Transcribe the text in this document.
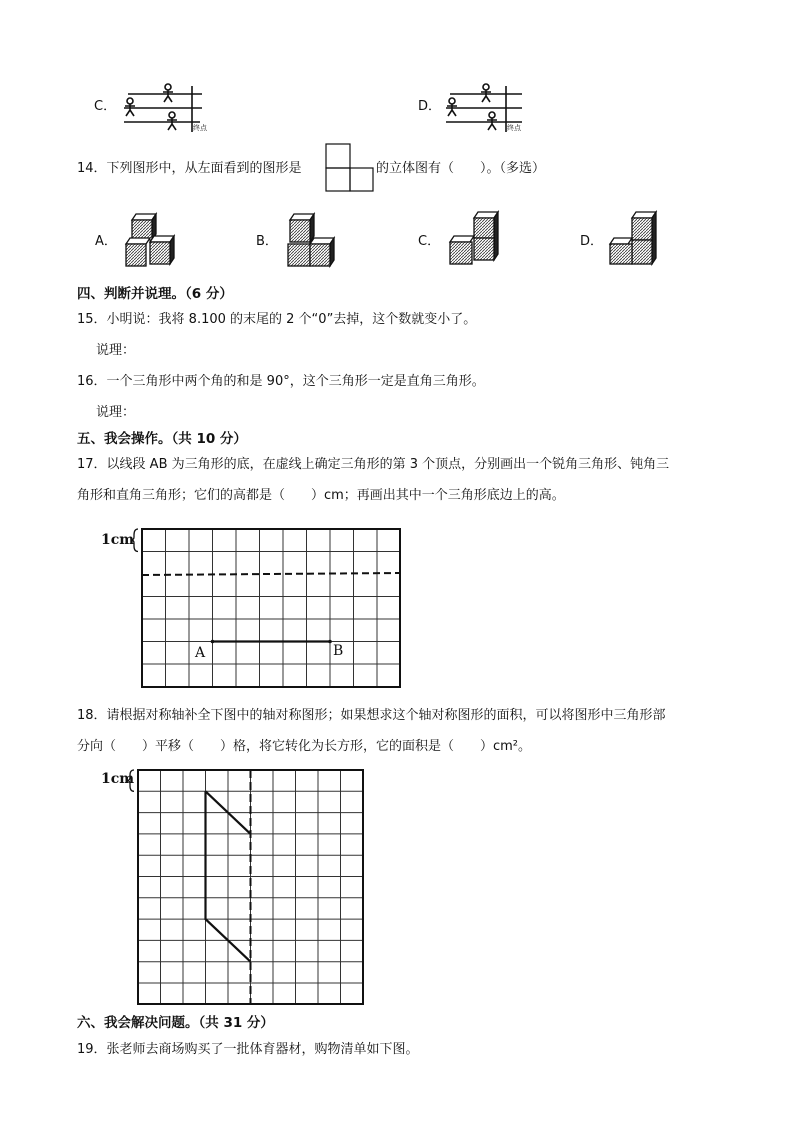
C．
终点
D．
终点
14．下列图形中，从左面看到的图形是	的立体图有（　　）。（多选）
A．	B．	C．	D．
四、判断并说理。（6 分）
15．小明说：我将 8.100 的末尾的 2 个“0”去掉，这个数就变小了。
说理：
16．一个三角形中两个角的和是 90°，这个三角形一定是直角三角形。
说理：
五、我会操作。（共 10 分）
17．以线段 AB 为三角形的底，在虚线上确定三角形的第 3 个顶点，分别画出一个锐角三角形、钝角三
角形和直角三角形；它们的高都是（　　）cm；再画出其中一个三角形底边上的高。
1cm
A	B
18．请根据对称轴补全下图中的轴对称图形；如果想求这个轴对称图形的面积，可以将图形中三角形部
分向（　　）平移（　　）格，将它转化为长方形，它的面积是（　　）cm²。
1cm
六、我会解决问题。（共 31 分）
19．张老师去商场购买了一批体育器材，购物清单如下图。
